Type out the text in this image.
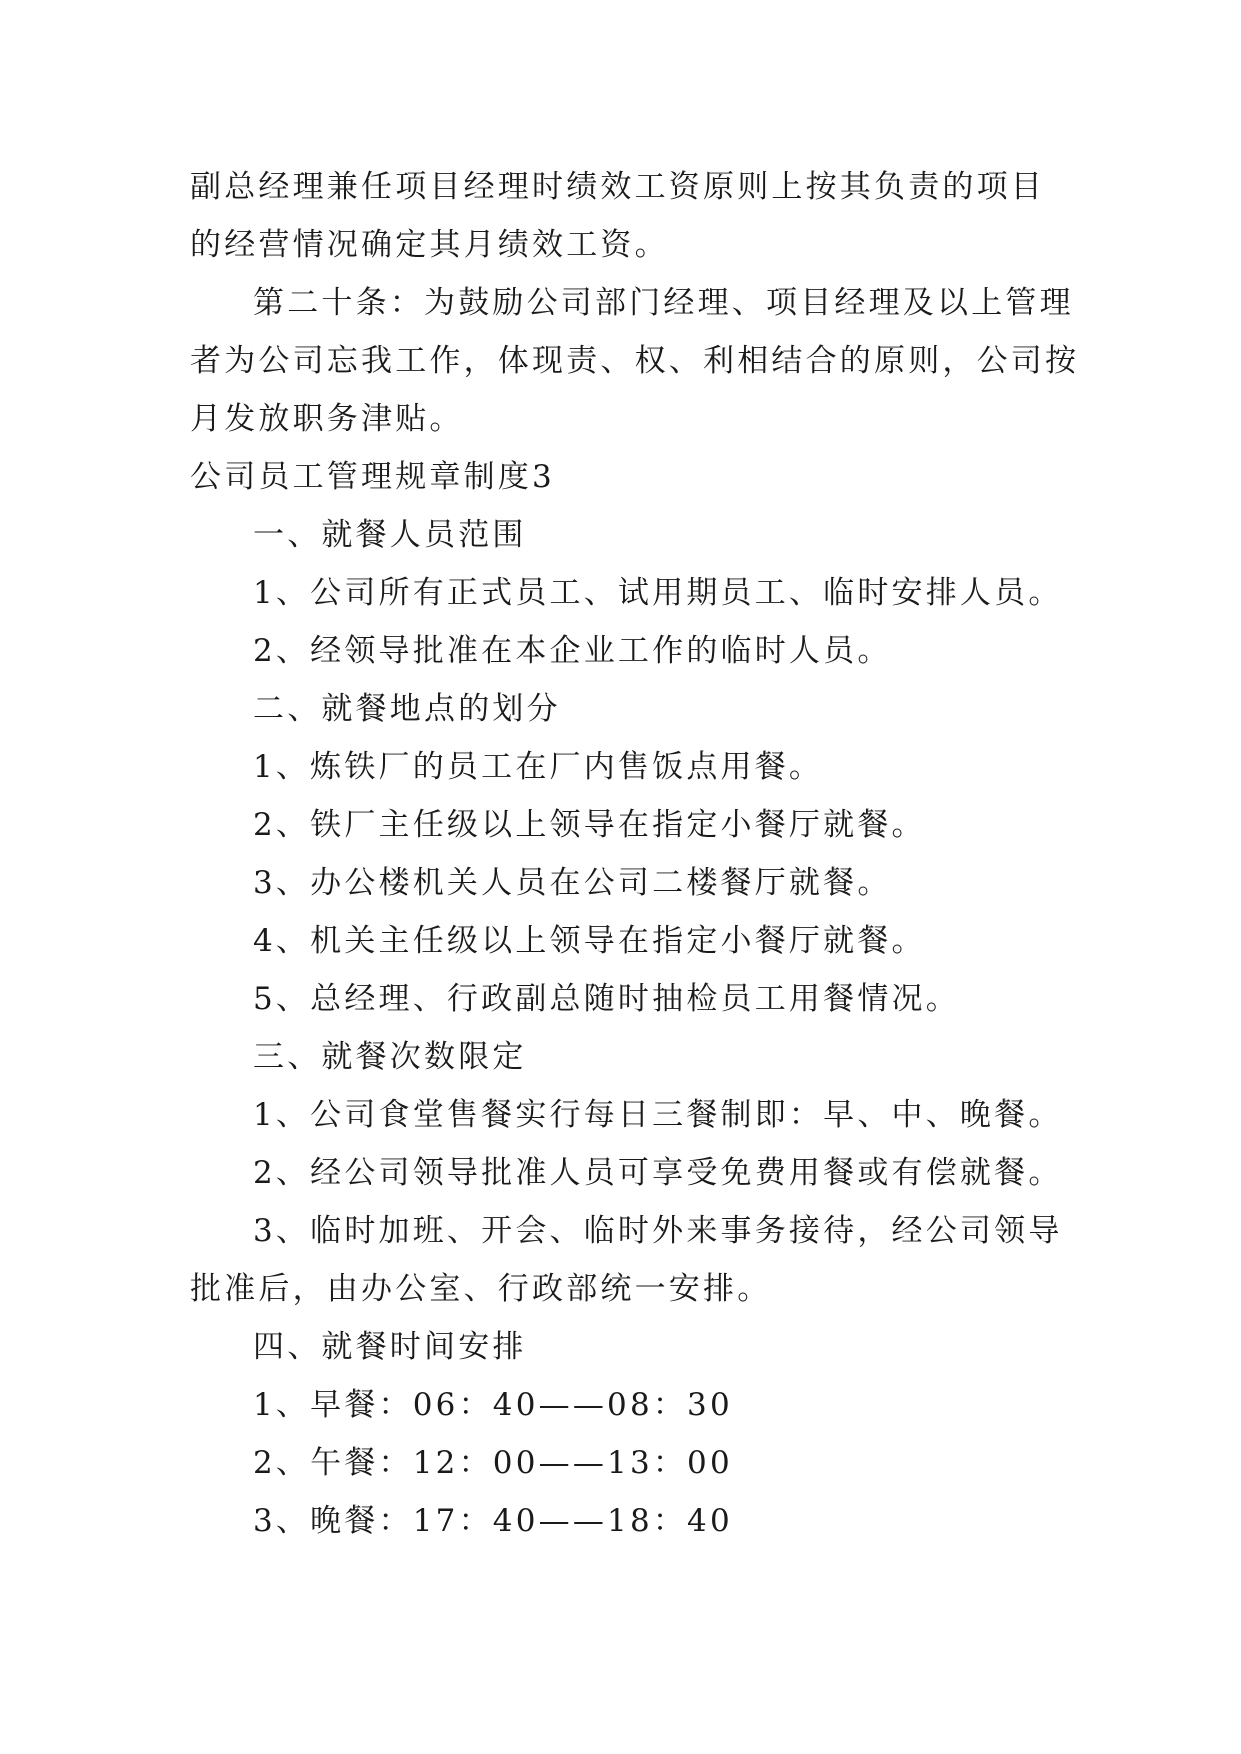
副总经理兼任项目经理时绩效工资原则上按其负责的项目
的经营情况确定其月绩效工资。
第二十条：为鼓励公司部门经理、项目经理及以上管理
者为公司忘我工作，体现责、权、利相结合的原则，公司按
月发放职务津贴。
公司员工管理规章制度3
一、就餐人员范围
1、公司所有正式员工、试用期员工、临时安排人员。
2、经领导批准在本企业工作的临时人员。
二、就餐地点的划分
1、炼铁厂的员工在厂内售饭点用餐。
2、铁厂主任级以上领导在指定小餐厅就餐。
3、办公楼机关人员在公司二楼餐厅就餐。
4、机关主任级以上领导在指定小餐厅就餐。
5、总经理、行政副总随时抽检员工用餐情况。
三、就餐次数限定
1、公司食堂售餐实行每日三餐制即：早、中、晚餐。
2、经公司领导批准人员可享受免费用餐或有偿就餐。
3、临时加班、开会、临时外来事务接待，经公司领导
批准后，由办公室、行政部统一安排。
四、就餐时间安排
1、早餐：06：40——08：30
2、午餐：12：00——13：00
3、晚餐：17：40——18：40
